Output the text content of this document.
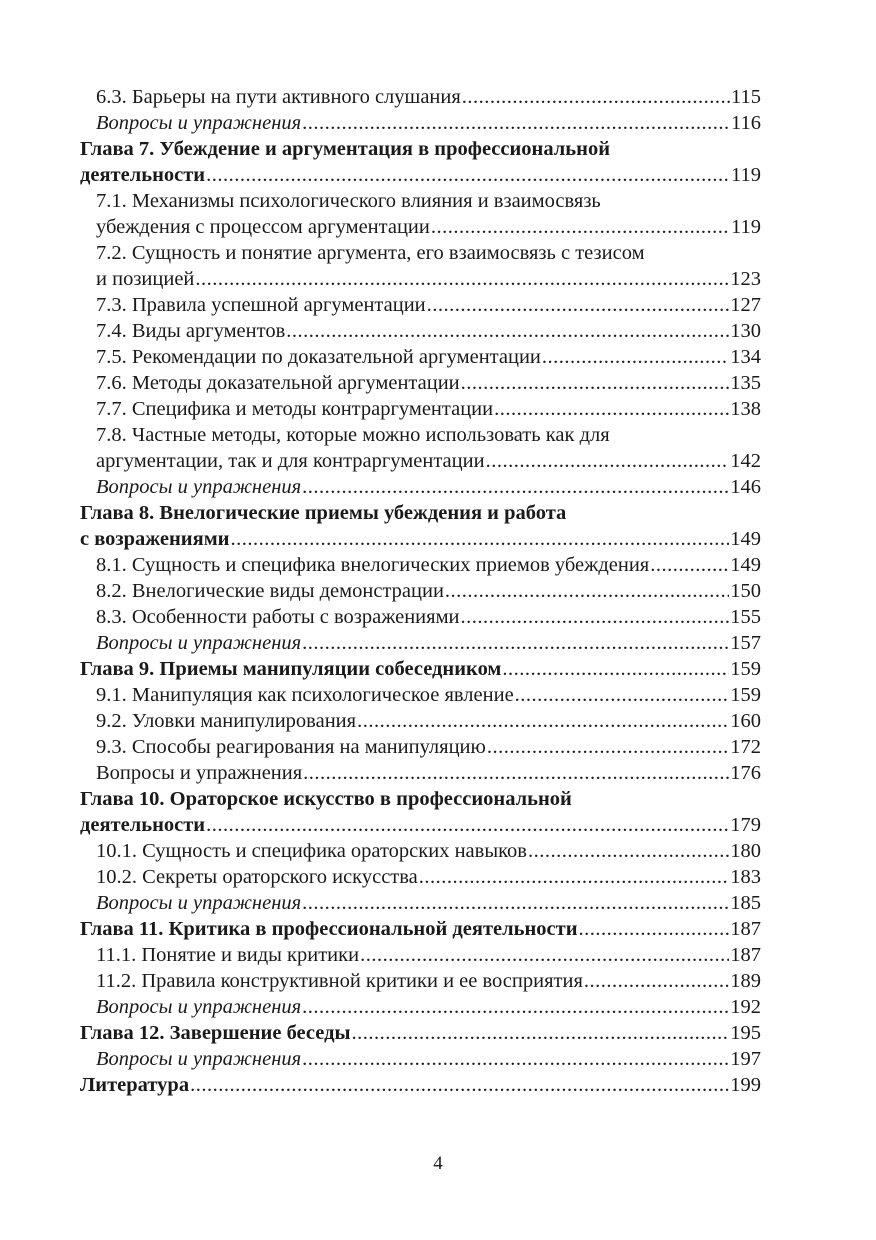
6.3. Барьеры на пути активного слушания .....	115
Вопросы и упражнения .....	116
Глава 7. Убеждение и аргументация в профессиональной
деятельности .....	119
7.1. Механизмы психологического влияния и взаимосвязь
убеждения с процессом аргументации .....	119
7.2. Сущность и понятие аргумента, его взаимосвязь с тезисом
и позицией .....	123
7.3. Правила успешной аргументации .....	127
7.4. Виды аргументов .....	130
7.5. Рекомендации по доказательной аргументации .....	134
7.6. Методы доказательной аргументации .....	135
7.7. Специфика и методы контраргументации .....	138
7.8. Частные методы, которые можно использовать как для
аргументации, так и для контраргументации .....	142
Вопросы и упражнения .....	146
Глава 8. Внелогические приемы убеждения и работа
с возражениями .....	149
8.1. Сущность и специфика внелогических приемов убеждения .....	149
8.2. Внелогические виды демонстрации .....	150
8.3. Особенности работы с возражениями .....	155
Вопросы и упражнения .....	157
Глава 9. Приемы манипуляции собеседником .....	159
9.1. Манипуляция как психологическое явление .....	159
9.2. Уловки манипулирования .....	160
9.3. Способы реагирования на манипуляцию .....	172
Вопросы и упражнения .....	176
Глава 10. Ораторское искусство в профессиональной
деятельности .....	179
10.1. Сущность и специфика ораторских навыков .....	180
10.2. Секреты ораторского искусства .....	183
Вопросы и упражнения .....	185
Глава 11. Критика в профессиональной деятельности .....	187
11.1. Понятие и виды критики .....	187
11.2. Правила конструктивной критики и ее восприятия .....	189
Вопросы и упражнения .....	192
Глава 12. Завершение беседы .....	195
Вопросы и упражнения .....	197
Литература .....	199
4
